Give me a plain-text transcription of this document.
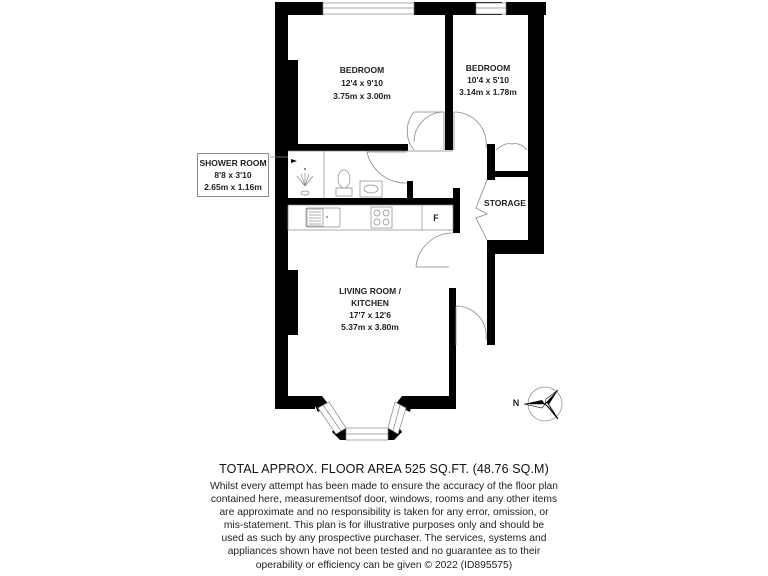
F
BEDROOM
12'4 x 9'10
3.75m x 3.00m
BEDROOM
10'4 x 5'10
3.14m x 1.78m
STORAGE
LIVING ROOM /
KITCHEN
17'7 x 12'6
5.37m x 3.80m
N
SHOWER ROOM
8'8 x 3'10
2.65m x 1.16m
TOTAL APPROX. FLOOR AREA 525 SQ.FT. (48.76 SQ.M)
Whilst every attempt has been made to ensure the accuracy of the floor plan
contained here, measurementsof door, windows, rooms and any other items
are approximate and no responsibility is taken for any error, omission, or
mis-statement. This plan is for illustrative purposes only and should be
used as such by any prospective purchaser. The services, systems and
appliances shown have not been tested and no guarantee as to their
operability or efficiency can be given © 2022 (ID895575)
